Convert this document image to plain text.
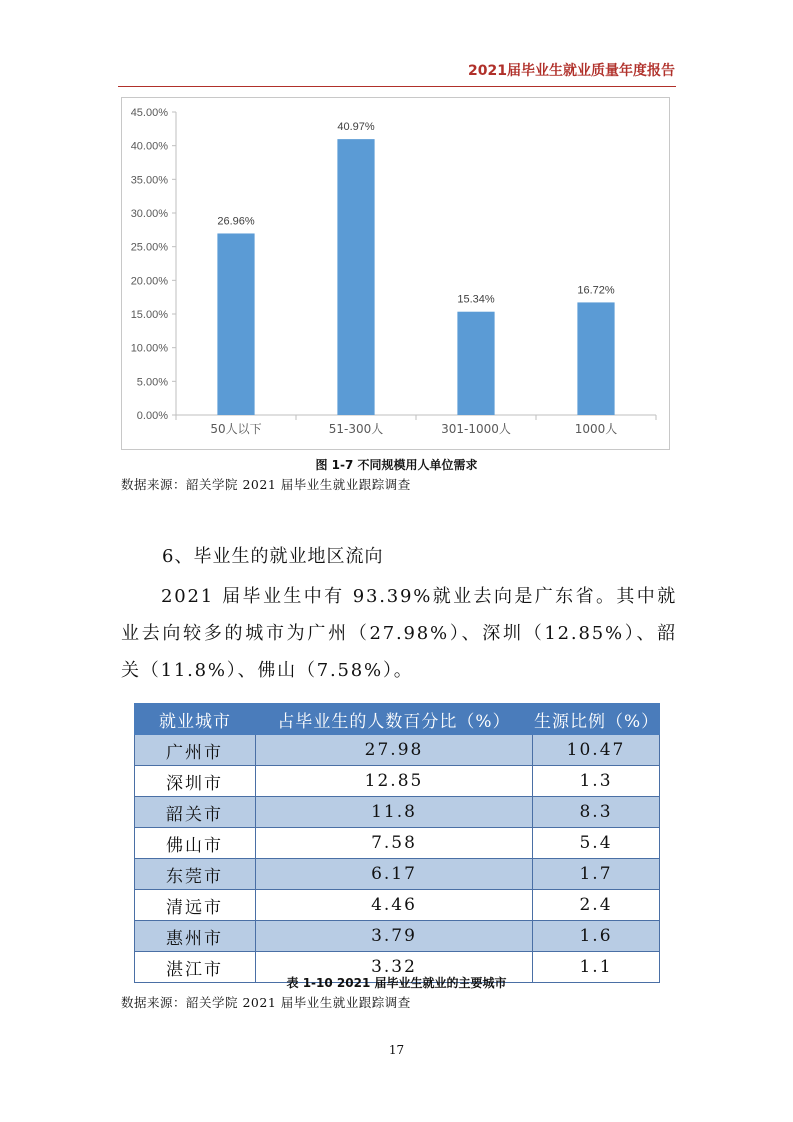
2021届毕业生就业质量年度报告
0.00%
5.00%
10.00%
15.00%
20.00%
25.00%
30.00%
35.00%
40.00%
45.00%
26.96%
50人以下
40.97%
51-300人
15.34%
301-1000人
16.72%
1000人
图 1-7 不同规模用人单位需求
数据来源：韶关学院 2021 届毕业生就业跟踪调查
6、毕业生的就业地区流向
2021 届毕业生中有 93.39%就业去向是广东省。其中就业去向较多的城市为广州（27.98%）、深圳（12.85%）、韶关（11.8%）、佛山（7.58%）。
就业城市	占毕业生的人数百分比（%）	生源比例（%）
广州市	27.98	10.47
深圳市	12.85	1.3
韶关市	11.8	8.3
佛山市	7.58	5.4
东莞市	6.17	1.7
清远市	4.46	2.4
惠州市	3.79	1.6
湛江市	3.32	1.1
表 1-10 2021 届毕业生就业的主要城市
数据来源：韶关学院 2021 届毕业生就业跟踪调查
17
